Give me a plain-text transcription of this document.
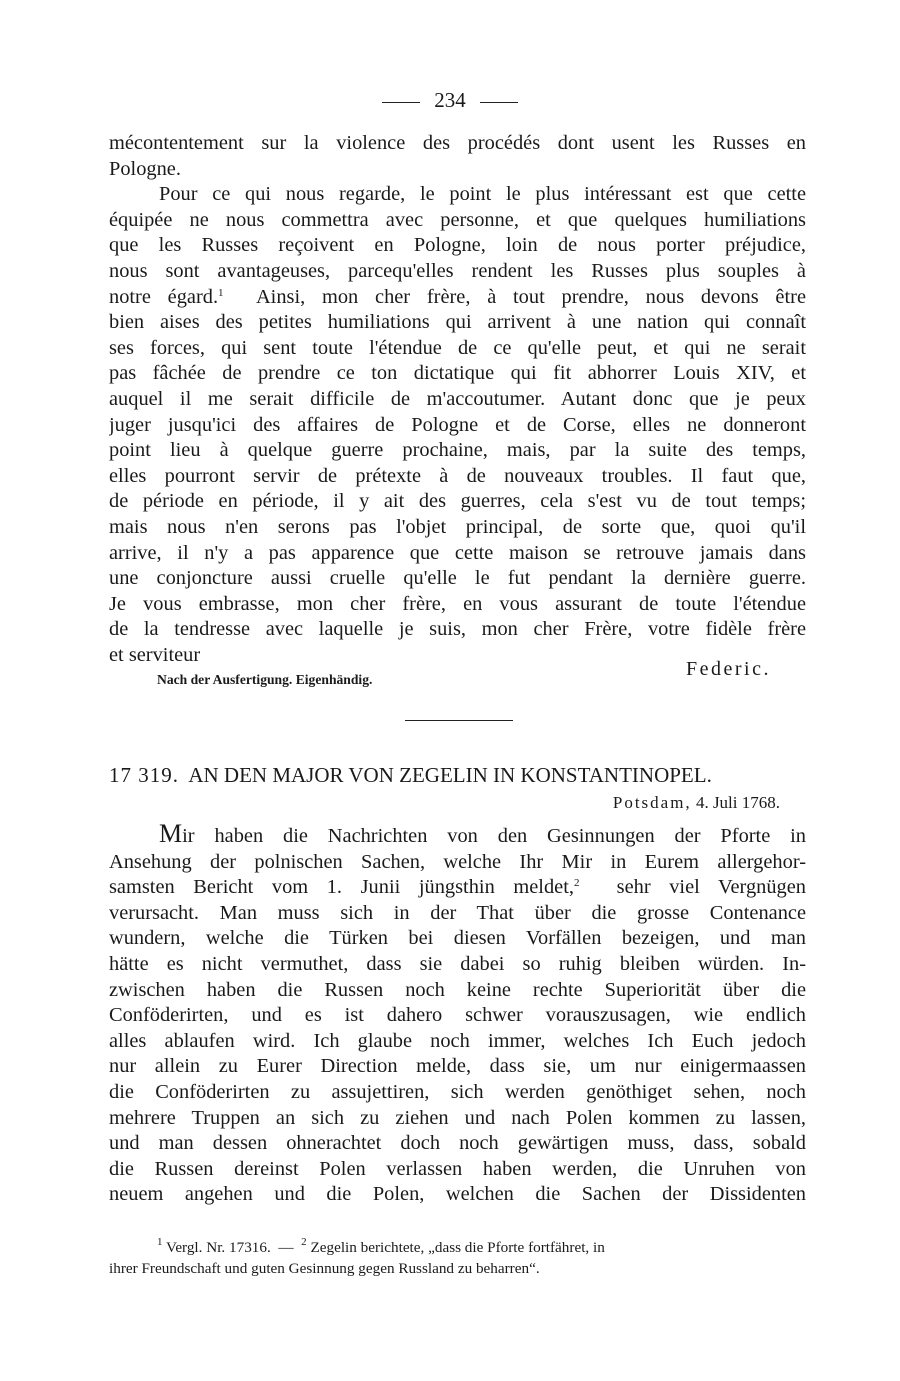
234
mécontentement sur la violence des procédés dont usent les Russes en
Pologne.
Pour ce qui nous regarde, le point le plus intéressant est que cette
équipée ne nous commettra avec personne, et que quelques humiliations
que les Russes reçoivent en Pologne, loin de nous porter préjudice,
nous sont avantageuses, parcequ'elles rendent les Russes plus souples à
notre égard.$^1$ Ainsi, mon cher frère, à tout prendre, nous devons être
bien aises des petites humiliations qui arrivent à une nation qui connaît
ses forces, qui sent toute l'étendue de ce qu'elle peut, et qui ne serait
pas fâchée de prendre ce ton dictatique qui fit abhorrer Louis XIV, et
auquel il me serait difficile de m'accoutumer. Autant donc que je peux
juger jusqu'ici des affaires de Pologne et de Corse, elles ne donneront
point lieu à quelque guerre prochaine, mais, par la suite des temps,
elles pourront servir de prétexte à de nouveaux troubles. Il faut que,
de période en période, il y ait des guerres, cela s'est vu de tout temps;
mais nous n'en serons pas l'objet principal, de sorte que, quoi qu'il
arrive, il n'y a pas apparence que cette maison se retrouve jamais dans
une conjoncture aussi cruelle qu'elle le fut pendant la dernière guerre.
Je vous embrasse, mon cher frère, en vous assurant de toute l'étendue
de la tendresse avec laquelle je suis, mon cher Frère, votre fidèle frère
et serviteur
Federic.
Nach der Ausfertigung. Eigenhändig.
17 319. AN DEN MAJOR VON ZEGELIN IN KONSTANTINOPEL.
Potsdam, 4. Juli 1768.
Mir haben die Nachrichten von den Gesinnungen der Pforte in
Ansehung der polnischen Sachen, welche Ihr Mir in Eurem allergehor-
samsten Bericht vom 1. Junii jüngsthin meldet,$^2$ sehr viel Vergnügen
verursacht. Man muss sich in der That über die grosse Contenance
wundern, welche die Türken bei diesen Vorfällen bezeigen, und man
hätte es nicht vermuthet, dass sie dabei so ruhig bleiben würden. In-
zwischen haben die Russen noch keine rechte Superiorität über die
Conföderirten, und es ist dahero schwer vorauszusagen, wie endlich
alles ablaufen wird. Ich glaube noch immer, welches Ich Euch jedoch
nur allein zu Eurer Direction melde, dass sie, um nur einigermaassen
die Conföderirten zu assujettiren, sich werden genöthiget sehen, noch
mehrere Truppen an sich zu ziehen und nach Polen kommen zu lassen,
und man dessen ohnerachtet doch noch gewärtigen muss, dass, sobald
die Russen dereinst Polen verlassen haben werden, die Unruhen von
neuem angehen und die Polen, welchen die Sachen der Dissidenten
$^1$ Vergl. Nr. 17316. — $^2$ Zegelin berichtete, „dass die Pforte fortfähret, in
ihrer Freundschaft und guten Gesinnung gegen Russland zu beharren“.
